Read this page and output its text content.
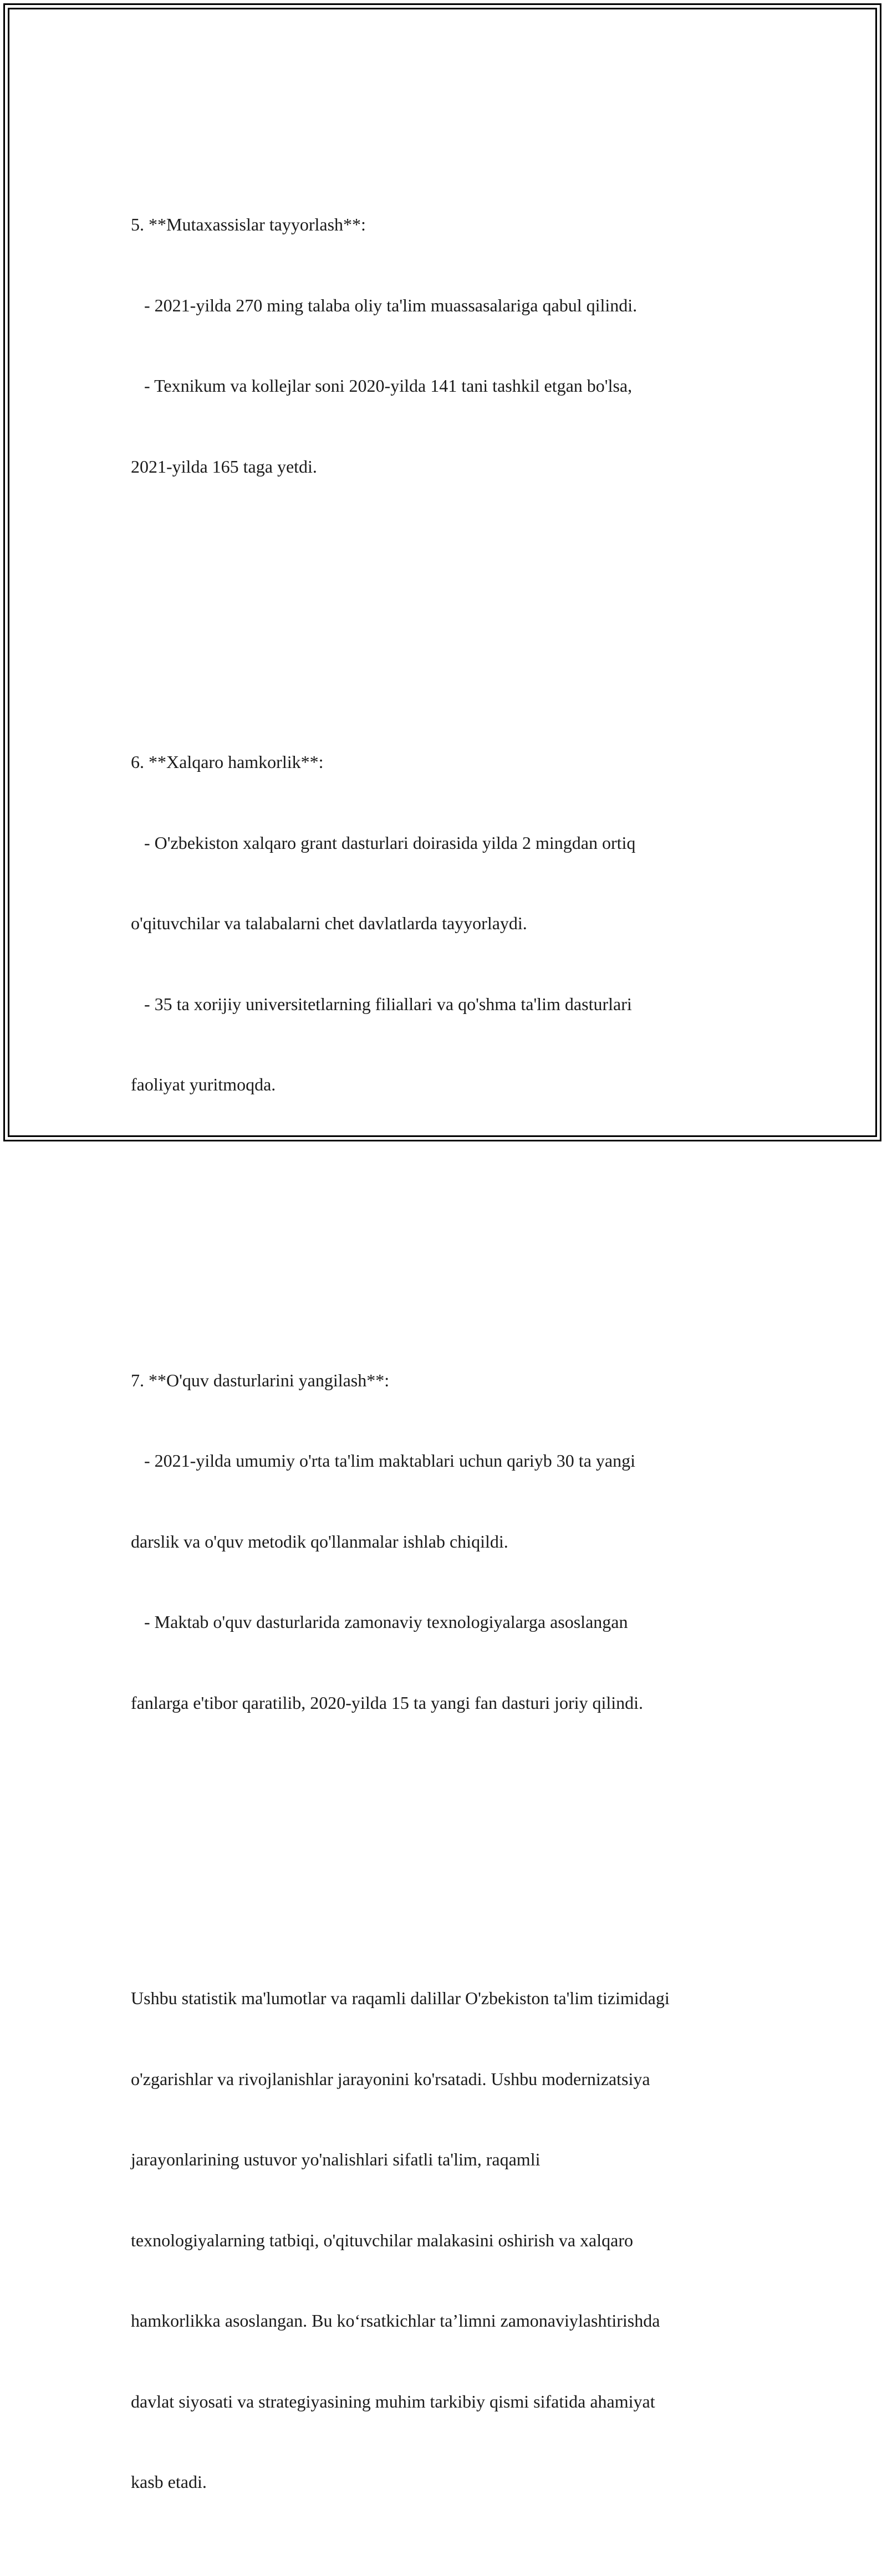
5. **Mutaxassislar tayyorlash**:

- 2021-yilda 270 ming talaba oliy ta'lim muassasalariga qabul qilindi.

- Texnikum va kollejlar soni 2020-yilda 141 tani tashkil etgan bo'lsa,

2021-yilda 165 taga yetdi.

6. **Xalqaro hamkorlik**:

- O'zbekiston xalqaro grant dasturlari doirasida yilda 2 mingdan ortiq

o'qituvchilar va talabalarni chet davlatlarda tayyorlaydi.

- 35 ta xorijiy universitetlarning filiallari va qo'shma ta'lim dasturlari

faoliyat yuritmoqda.

7. **O'quv dasturlarini yangilash**:

- 2021-yilda umumiy o'rta ta'lim maktablari uchun qariyb 30 ta yangi

darslik va o'quv metodik qo'llanmalar ishlab chiqildi.

- Maktab o'quv dasturlarida zamonaviy texnologiyalarga asoslangan

fanlarga e'tibor qaratilib, 2020-yilda 15 ta yangi fan dasturi joriy qilindi.

Ushbu statistik ma'lumotlar va raqamli dalillar O'zbekiston ta'lim tizimidagi

o'zgarishlar va rivojlanishlar jarayonini ko'rsatadi. Ushbu modernizatsiya

jarayonlarining ustuvor yo'nalishlari sifatli ta'lim, raqamli

texnologiyalarning tatbiqi, o'qituvchilar malakasini oshirish va xalqaro

hamkorlikka asoslangan. Bu ko‘rsatkichlar ta’limni zamonaviylashtirishda

davlat siyosati va strategiyasining muhim tarkibiy qismi sifatida ahamiyat

kasb etadi.
